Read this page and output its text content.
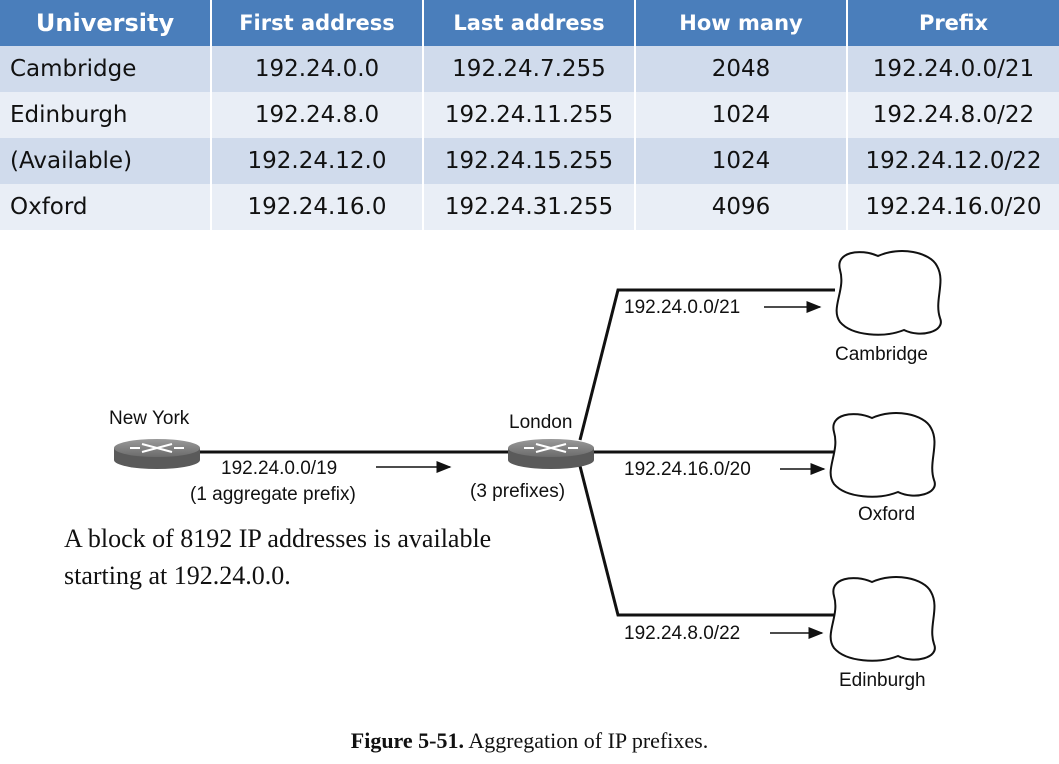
University	First address	Last address	How many	Prefix
Cambridge	192.24.0.0	192.24.7.255	2048	192.24.0.0/21
Edinburgh	192.24.8.0	192.24.11.255	1024	192.24.8.0/22
(Available)	192.24.12.0	192.24.15.255	1024	192.24.12.0/22
Oxford	192.24.16.0	192.24.31.255	4096	192.24.16.0/20
New York	London
(3 prefixes)
192.24.0.0/19
(1 aggregate prefix)
192.24.0.0/21
Cambridge
192.24.16.0/20
Oxford
192.24.8.0/22
Edinburgh
A block of 8192 IP addresses is available
starting at 192.24.0.0.
Figure 5-51. Aggregation of IP prefixes.
